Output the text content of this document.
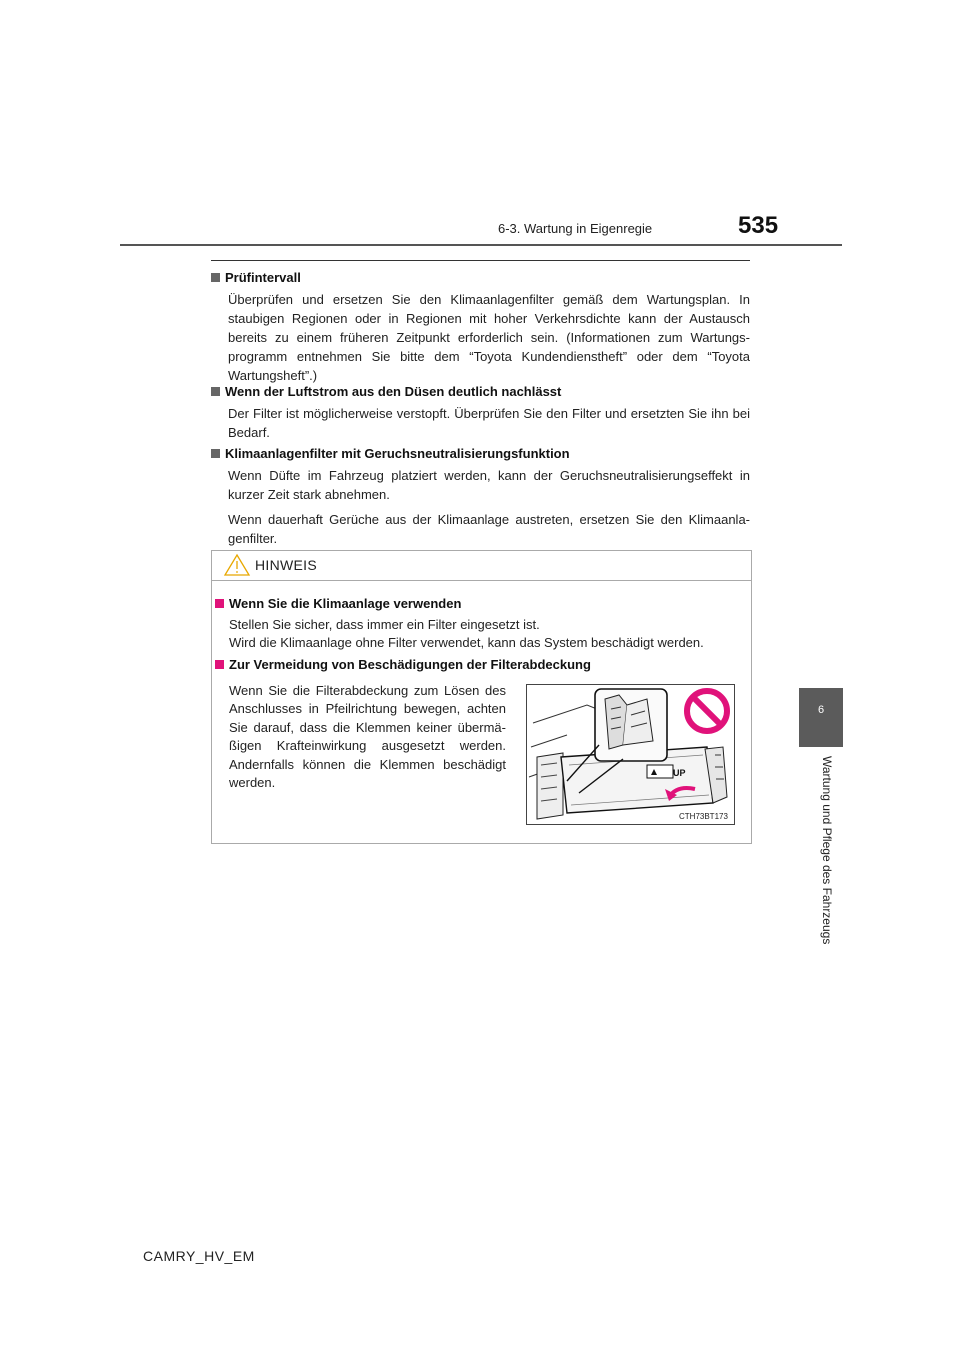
6-3. Wartung in Eigenregie	535
6
Wartung und Pflege des Fahrzeugs
Prüfintervall

Überprüfen und ersetzen Sie den Klimaanlagenfilter gemäß dem Wartungsplan. In staubigen Regionen oder in Regionen mit hoher Verkehrsdichte kann der Austausch bereits zu einem früheren Zeitpunkt erforderlich sein. (Informationen zum Wartungs-programm entnehmen Sie bitte dem “Toyota Kundendienstheft” oder dem “Toyota Wartungsheft”.)

Wenn der Luftstrom aus den Düsen deutlich nachlässt

Der Filter ist möglicherweise verstopft. Überprüfen Sie den Filter und ersetzten Sie ihn bei Bedarf.

Klimaanlagenfilter mit Geruchsneutralisierungsfunktion

Wenn Düfte im Fahrzeug platziert werden, kann der Geruchsneutralisierungseffekt in kurzer Zeit stark abnehmen.

Wenn dauerhaft Gerüche aus der Klimaanlage austreten, ersetzen Sie den Klimaanla-genfilter.

HINWEIS
Wenn Sie die Klimaanlage verwenden
Stellen Sie sicher, dass immer ein Filter eingesetzt ist.
Wird die Klimaanlage ohne Filter verwendet, kann das System beschädigt werden.
Zur Vermeidung von Beschädigungen der Filterabdeckung
Wenn Sie die Filterabdeckung zum Lösen des Anschlusses in Pfeilrichtung bewegen, achten Sie darauf, dass die Klemmen keiner übermä-ßigen Krafteinwirkung ausgesetzt werden. Andernfalls können die Klemmen beschädigt werden.
UP
CTH73BT173
CAMRY_HV_EM
